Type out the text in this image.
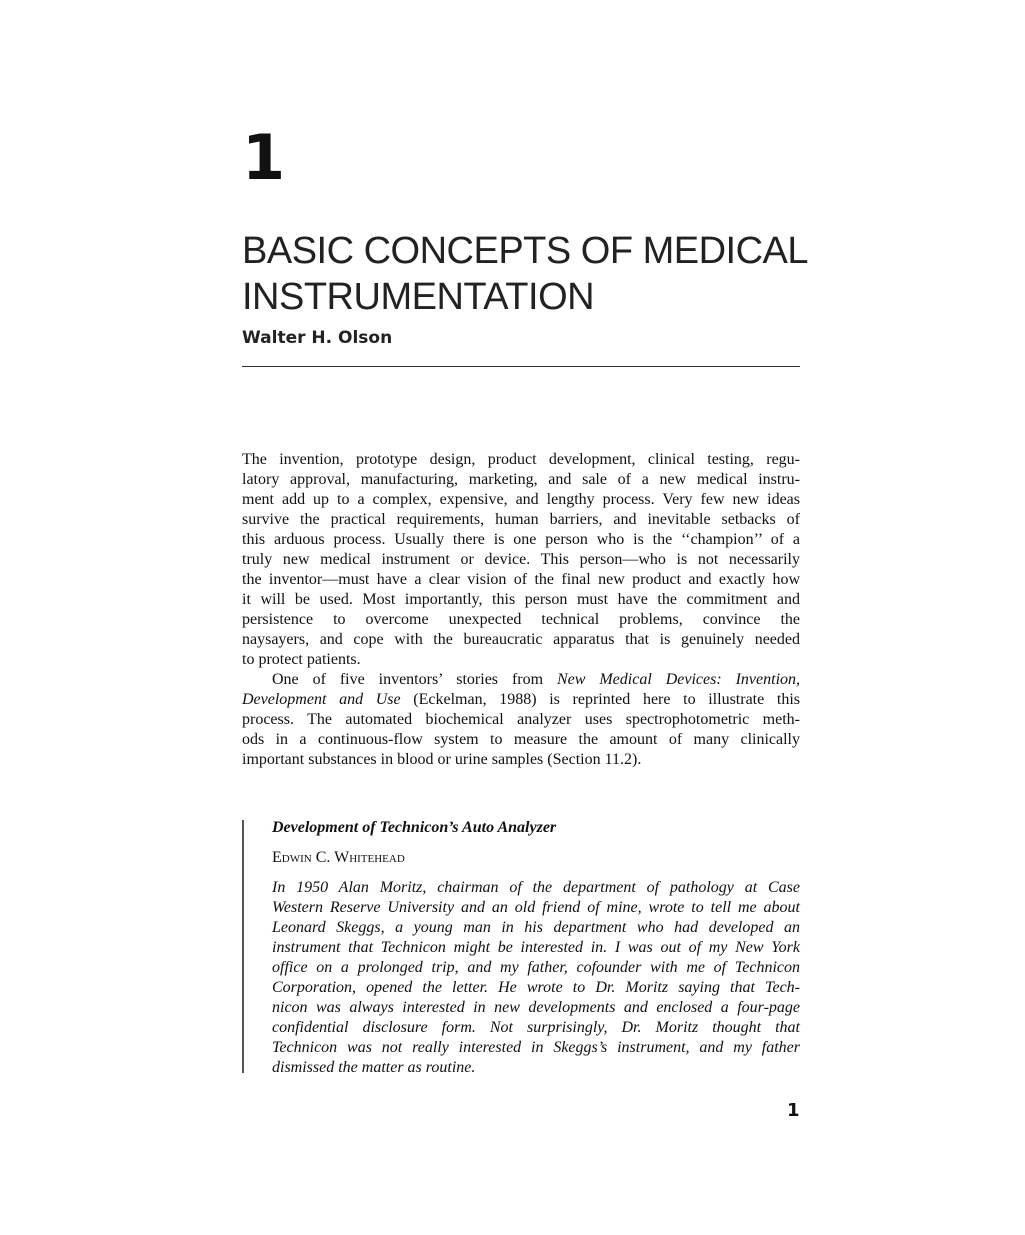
1
BASIC CONCEPTS OF MEDICAL
INSTRUMENTATION
Walter H. Olson
The invention, prototype design, product development, clinical testing, regu-
latory approval, manufacturing, marketing, and sale of a new medical instru-
ment add up to a complex, expensive, and lengthy process. Very few new ideas
survive the practical requirements, human barriers, and inevitable setbacks of
this arduous process. Usually there is one person who is the ‘‘champion’’ of a
truly new medical instrument or device. This person—who is not necessarily
the inventor—must have a clear vision of the final new product and exactly how
it will be used. Most importantly, this person must have the commitment and
persistence to overcome unexpected technical problems, convince the
naysayers, and cope with the bureaucratic apparatus that is genuinely needed
to protect patients.
One of five inventors’ stories from New Medical Devices: Invention,
Development and Use (Eckelman, 1988) is reprinted here to illustrate this
process. The automated biochemical analyzer uses spectrophotometric meth-
ods in a continuous-flow system to measure the amount of many clinically
important substances in blood or urine samples (Section 11.2).
Development of Technicon’s Auto Analyzer
Edwin C. Whitehead
In 1950 Alan Moritz, chairman of the department of pathology at Case
Western Reserve University and an old friend of mine, wrote to tell me about
Leonard Skeggs, a young man in his department who had developed an
instrument that Technicon might be interested in. I was out of my New York
office on a prolonged trip, and my father, cofounder with me of Technicon
Corporation, opened the letter. He wrote to Dr. Moritz saying that Tech-
nicon was always interested in new developments and enclosed a four-page
confidential disclosure form. Not surprisingly, Dr. Moritz thought that
Technicon was not really interested in Skeggs’s instrument, and my father
dismissed the matter as routine.
1
